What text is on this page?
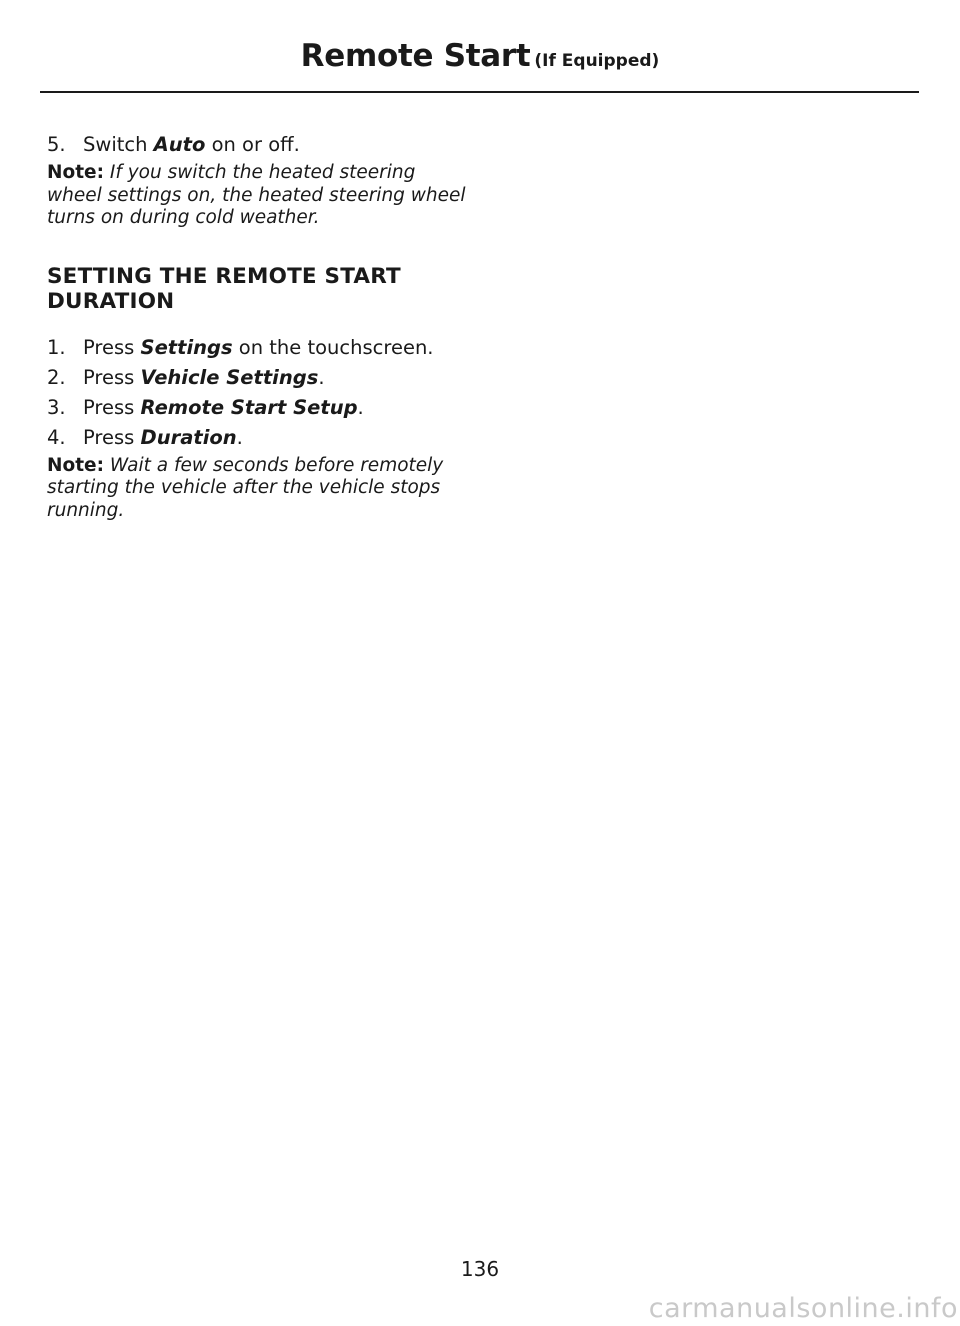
Remote Start (If Equipped)

5. Switch Auto on or off.

Note: If you switch the heated steering wheel settings on, the heated steering wheel turns on during cold weather.

SETTING THE REMOTE START
DURATION

1. Press Settings on the touchscreen.

2. Press Vehicle Settings.

3. Press Remote Start Setup.

4. Press Duration.

Note: Wait a few seconds before remotely starting the vehicle after the vehicle stops running.

136
carmanualsonline.info
